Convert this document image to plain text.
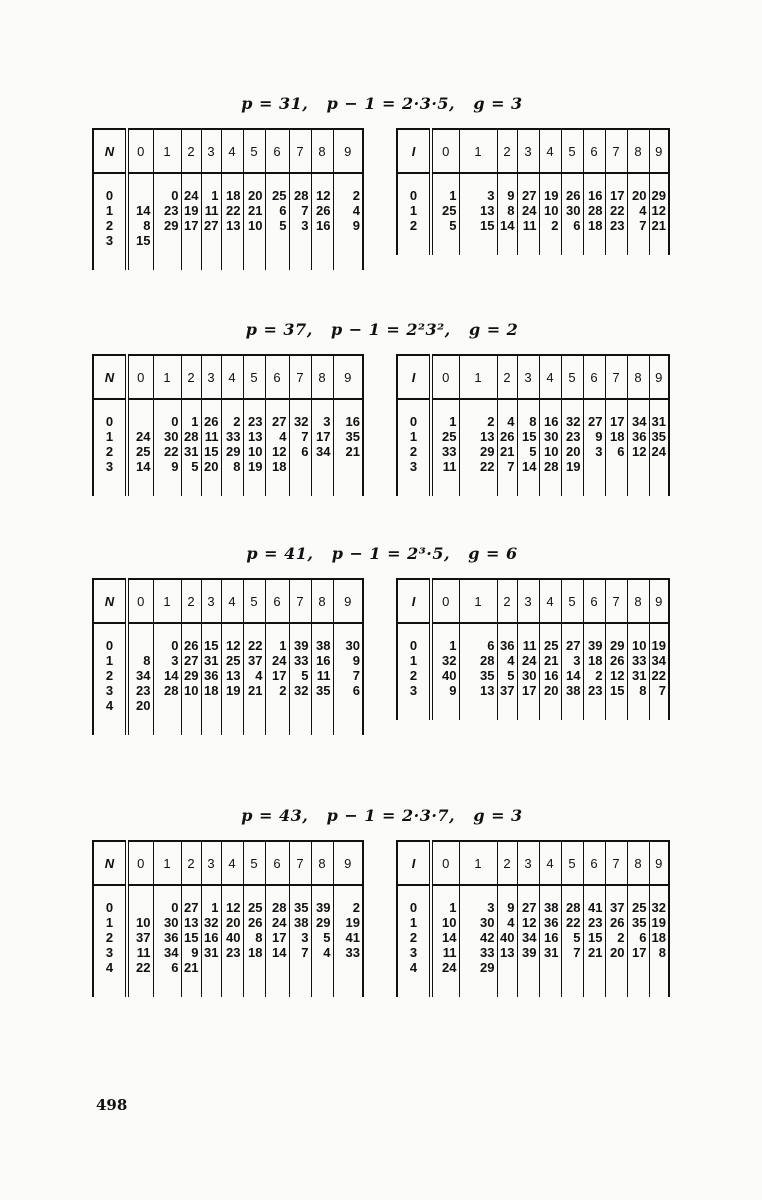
p = 31,   p − 1 = 2·3·5,   g = 3
N	0	1	2	3	4	5	6	7	8	9

0		0	24	1	18	20	25	28	12	2
1	14	23	19	11	22	21	6	7	26	4
2	8	29	17	27	13	10	5	3	16	9
3	15									

I	0	1	2	3	4	5	6	7	8	9

0	1	3	9	27	19	26	16	17	20	29
1	25	13	8	24	10	30	28	22	4	12
2	5	15	14	11	2	6	18	23	7	21

p = 37,   p − 1 = 2²3²,   g = 2
N	0	1	2	3	4	5	6	7	8	9

0		0	1	26	2	23	27	32	3	16
1	24	30	28	11	33	13	4	7	17	35
2	25	22	31	15	29	10	12	6	34	21
3	14	9	5	20	8	19	18			

I	0	1	2	3	4	5	6	7	8	9

0	1	2	4	8	16	32	27	17	34	31
1	25	13	26	15	30	23	9	18	36	35
2	33	29	21	5	10	20	3	6	12	24
3	11	22	7	14	28	19				

p = 41,   p − 1 = 2³·5,   g = 6
N	0	1	2	3	4	5	6	7	8	9

0		0	26	15	12	22	1	39	38	30
1	8	3	27	31	25	37	24	33	16	9
2	34	14	29	36	13	4	17	5	11	7
3	23	28	10	18	19	21	2	32	35	6
4	20									

I	0	1	2	3	4	5	6	7	8	9

0	1	6	36	11	25	27	39	29	10	19
1	32	28	4	24	21	3	18	26	33	34
2	40	35	5	30	16	14	2	12	31	22
3	9	13	37	17	20	38	23	15	8	7

p = 43,   p − 1 = 2·3·7,   g = 3
N	0	1	2	3	4	5	6	7	8	9

0		0	27	1	12	25	28	35	39	2
1	10	30	13	32	20	26	24	38	29	19
2	37	36	15	16	40	8	17	3	5	41
3	11	34	9	31	23	18	14	7	4	33
4	22	6	21							

I	0	1	2	3	4	5	6	7	8	9

0	1	3	9	27	38	28	41	37	25	32
1	10	30	4	12	36	22	23	26	35	19
2	14	42	40	34	16	5	15	2	6	18
3	11	33	13	39	31	7	21	20	17	8
4	24	29								

498
